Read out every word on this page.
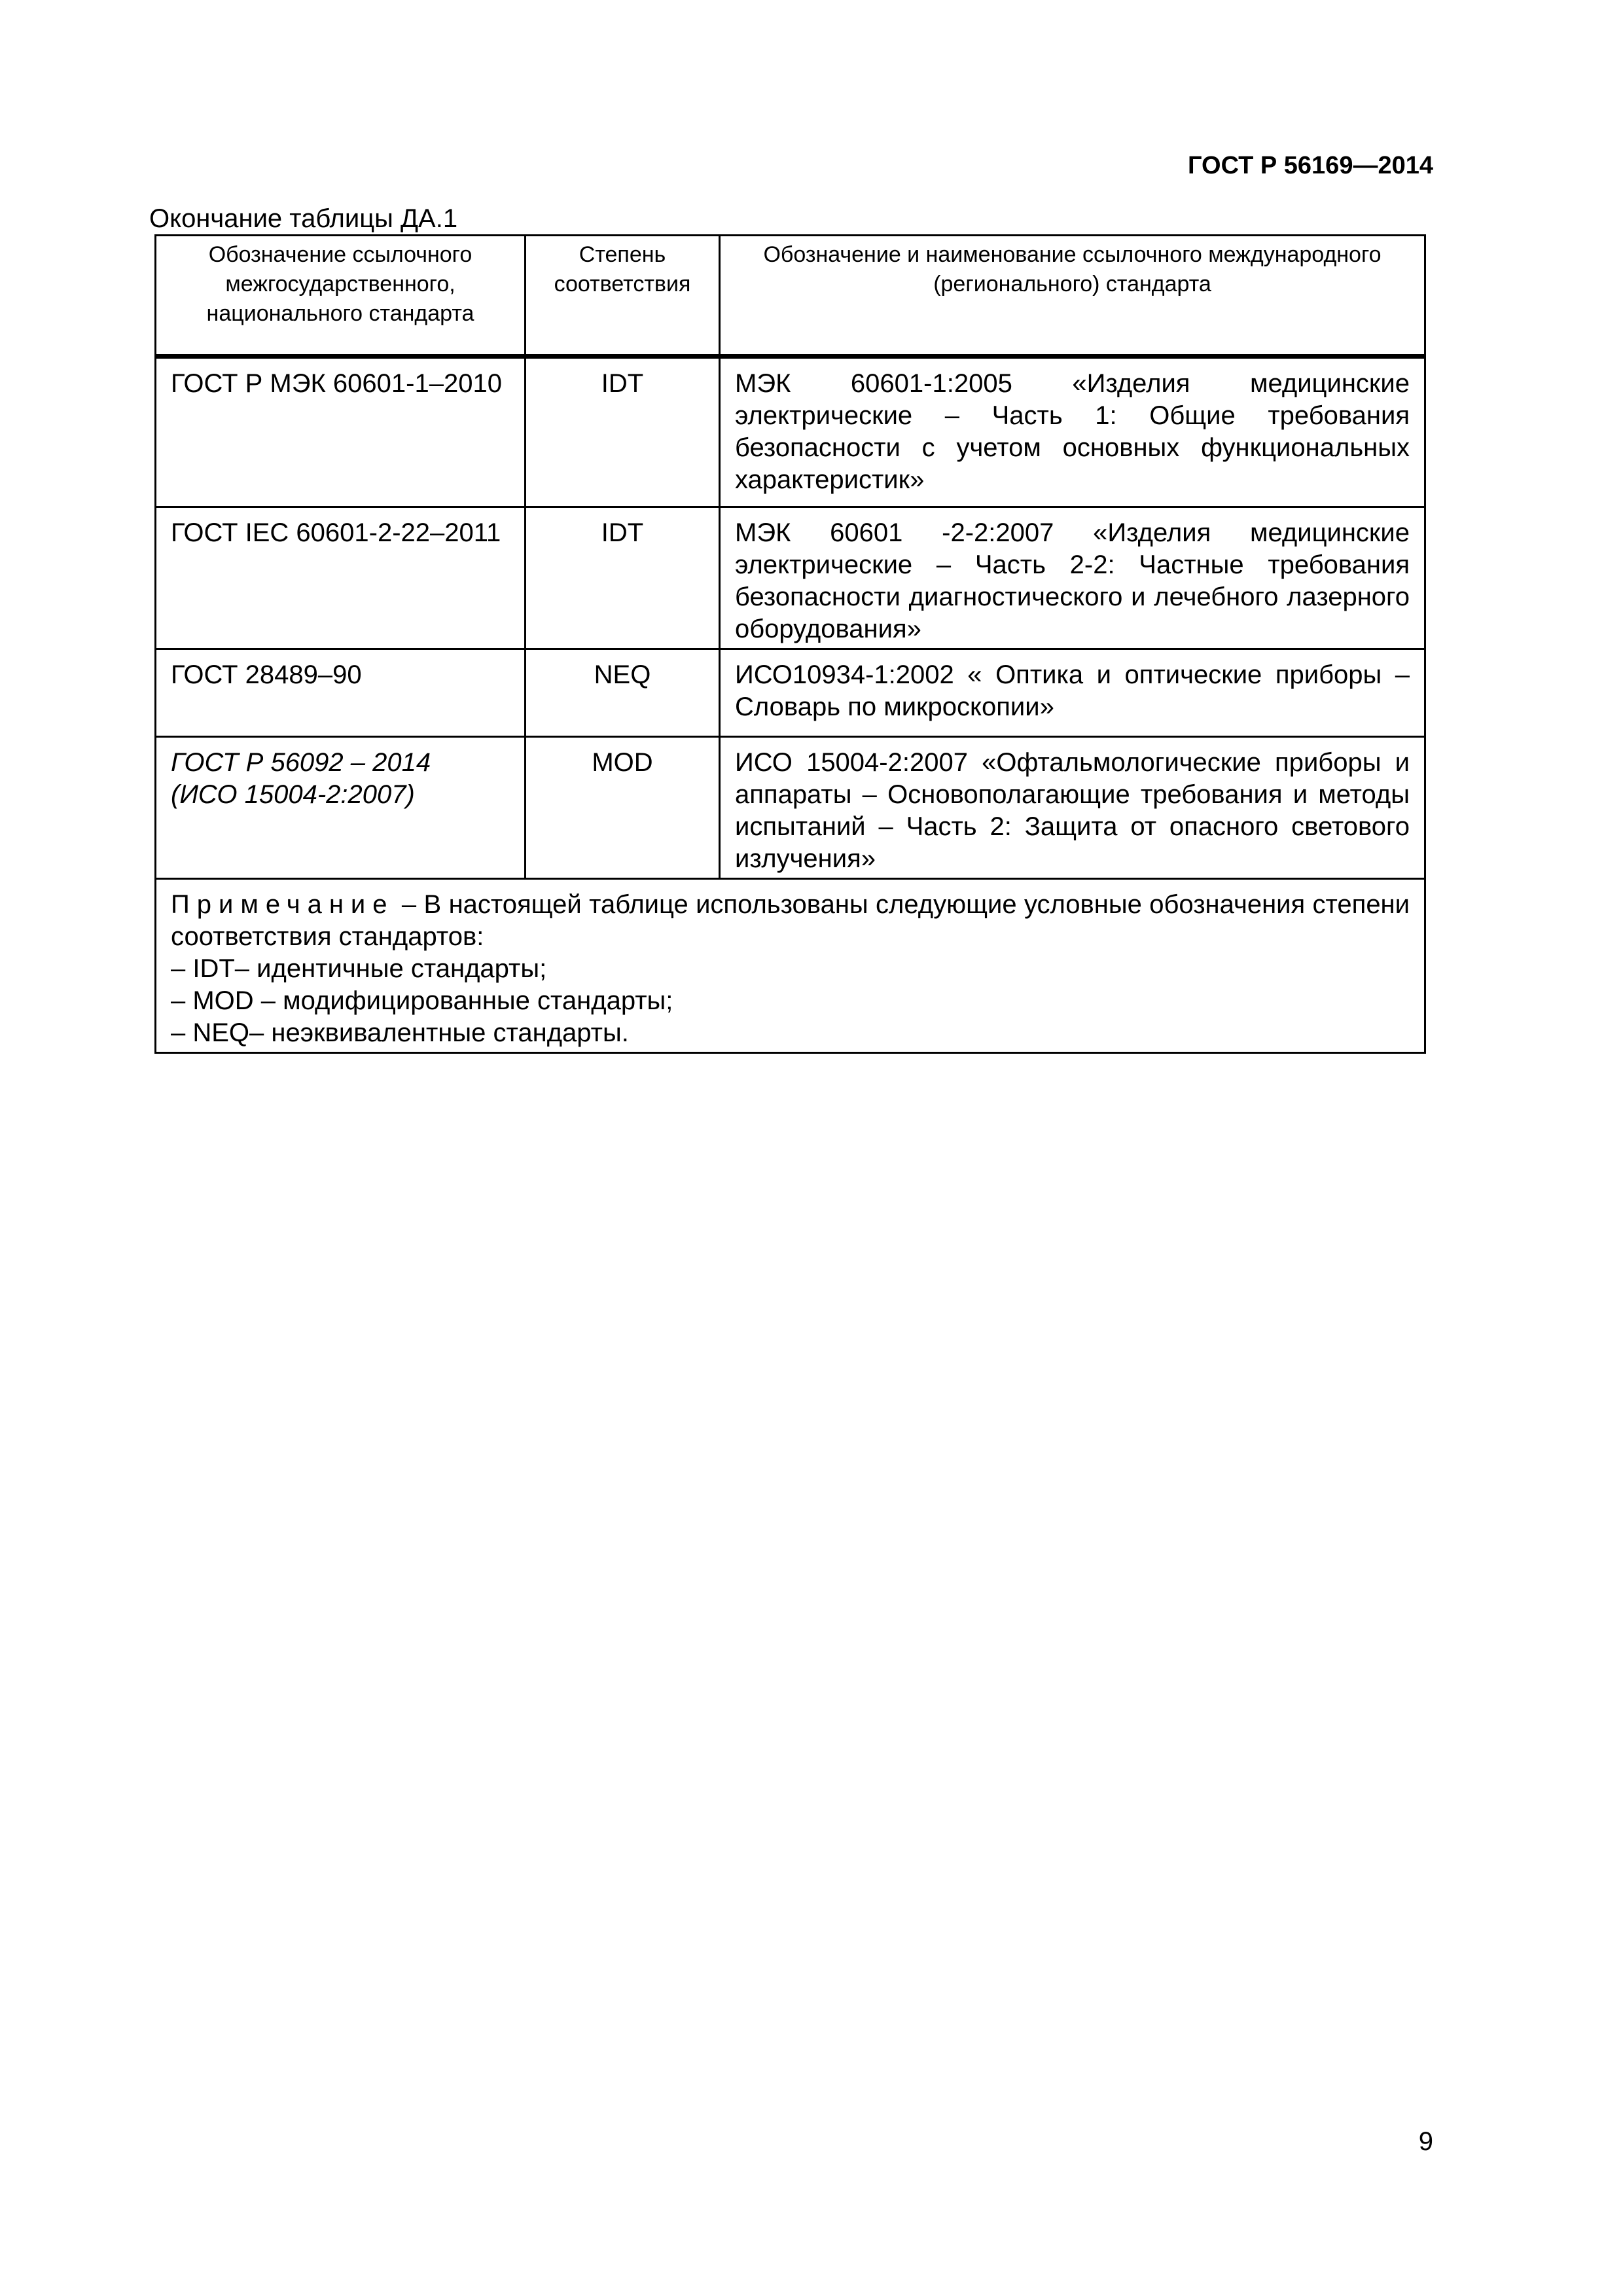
ГОСТ Р 56169—2014
Окончание таблицы ДА.1
Обозначение ссылочного межгосударственного, национального стандарта	Степень соответствия	Обозначение и наименование ссылочного международного (регионального) стандарта
ГОСТ Р МЭК 60601-1–2010	IDT	МЭК 60601-1:2005 «Изделия медицинские электрические – Часть 1: Общие требования безопасности с учетом основных функциональных характеристик»
ГОСТ IEC 60601-2-22–2011	IDT	МЭК 60601 -2-2:2007 «Изделия медицинские электрические – Часть 2-2: Частные требования безопасности диагностического и лечебного лазерного оборудования»
ГОСТ 28489–90	NEQ	ИСО10934-1:2002 « Оптика и оптические приборы – Словарь по микроскопии»

ГОСТ Р 56092 – 2014
(ИСО 15004-2:2007)	MOD	ИСО 15004-2:2007 «Офтальмологические приборы и аппараты – Основополагающие требования и методы испытаний – Часть 2: Защита от опасного светового излучения»

Примечание – В настоящей таблице использованы следующие условные обозначения степени соответствия стандартов:
– IDT– идентичные стандарты;
– MOD – модифицированные стандарты;
– NEQ– неэквивалентные стандарты.		
9
